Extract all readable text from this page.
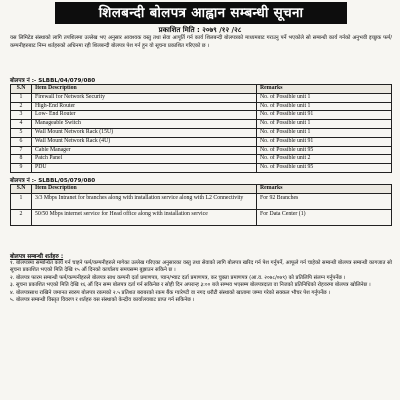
शिलबन्दी बोलपत्र आह्वान सम्बन्धी सूचना
प्रकाशित मिति : २०७९ /१२ /२८
यस लिमिटेड संस्थाको लागि तपशिलमा उल्लेख भए अनुसार आवश्यक वस्तु तथा सेवा आपूर्ति गर्न कार्य शिलबन्दी बोलपत्रको माध्यमबाट गराउनु पर्ने भएकोले सो सम्बन्धी कार्य गर्नको अनुभवी इच्छुक फर्म/कम्पनीहरुबाट निम्न शर्तहरुको अधिनमा रही शिलबन्दी बोलपत्र पेश गर्न हुन यो सूचना प्रकाशित गरिएको छ ।
बोलपत्र नं :- SLBBL/04/079/080
S.N	Item Description	Remarks
1	Firewall for Network Security	No. of Possible unit 1
2	High-End Router	No. of Possible unit 1
3	Low- End Router	No. of Possible unit 91
4	Manageable Switch	No. of Possible unit 1
5	Wall Mount Network Rack (15U)	No. of Possible unit 1
6	Wall Mount Network Rack (4U)	No. of Possible unit 91
7	Cable Manager	No. of Possible unit 95
8	Patch Panel	No. of Possible unit 2
9	PDU	No. of Possible unit 95
बोलपत्र नं :- SLBBL/05/079/080
S.N	Item Description	Remarks
1	3/3 Mbps Intranet for branches along with installation service along with L2 Connectivity	For 92 Branches
2	50/50 Mbps internet service for Head office along with installation service	For Data Center (1)
बोलपत्र सम्बन्धी शर्तहरु :

१. बोलपत्रमा सम्बन्धित कार्य गर्न चाहने फर्म/कम्पनीहरुले मागेका उल्लेख गरिएका अनुसारका वस्तु तथा सेवाको लागि बोलपत्र खरिद गर्न पेश गर्नुपर्ने, आफूले गर्न चाहेको सम्बन्धी बोलपत्र सम्बन्धी कागजात सो सूचना प्रकाशित भएको मिति देखि १५ औं दिनको कार्यालय समयसम्म बुझाउन सकिने छ ।

२. बोलपत्र फारम सम्बन्धी फर्म/कम्पनीहरुले बोलपत्र साथ कम्पनी दर्ता प्रमाणपत्र, प्यान/भ्याट दर्ता प्रमाणपत्र, कर चुक्ता प्रमाणपत्र (आ.व. २०७८/०७९) को प्रतिलिपि संलग्न गर्नुपर्नेछ ।

३. सूचना प्रकाशित भएको मिति देखि १६ औं दिन सम्म बोलपत्र दर्ता गर्न सकिनेछ र सोही दिन अपरान्ह ३:०० बजे सम्भव भएसम्म बोलपत्रदाता वा निजको प्रतिनिधिको रोहवरमा बोलपत्र खोलिनेछ ।

४. बोलपत्रसाथ राखिने जमानत स्वरुप बोलपत्र रकमको २.५ प्रतिशत बराबरको रकम बैंक ग्यारेण्टी वा नगद धरौटी संस्थाको खातामा जम्मा गरेको सक्कल भौचर पेश गर्नुपर्नेछ ।

५. बोलपत्र सम्बन्धी विस्तृत विवरण र शर्तहरु यस संस्थाको केन्द्रीय कार्यालयबाट प्राप्त गर्न सकिनेछ ।
